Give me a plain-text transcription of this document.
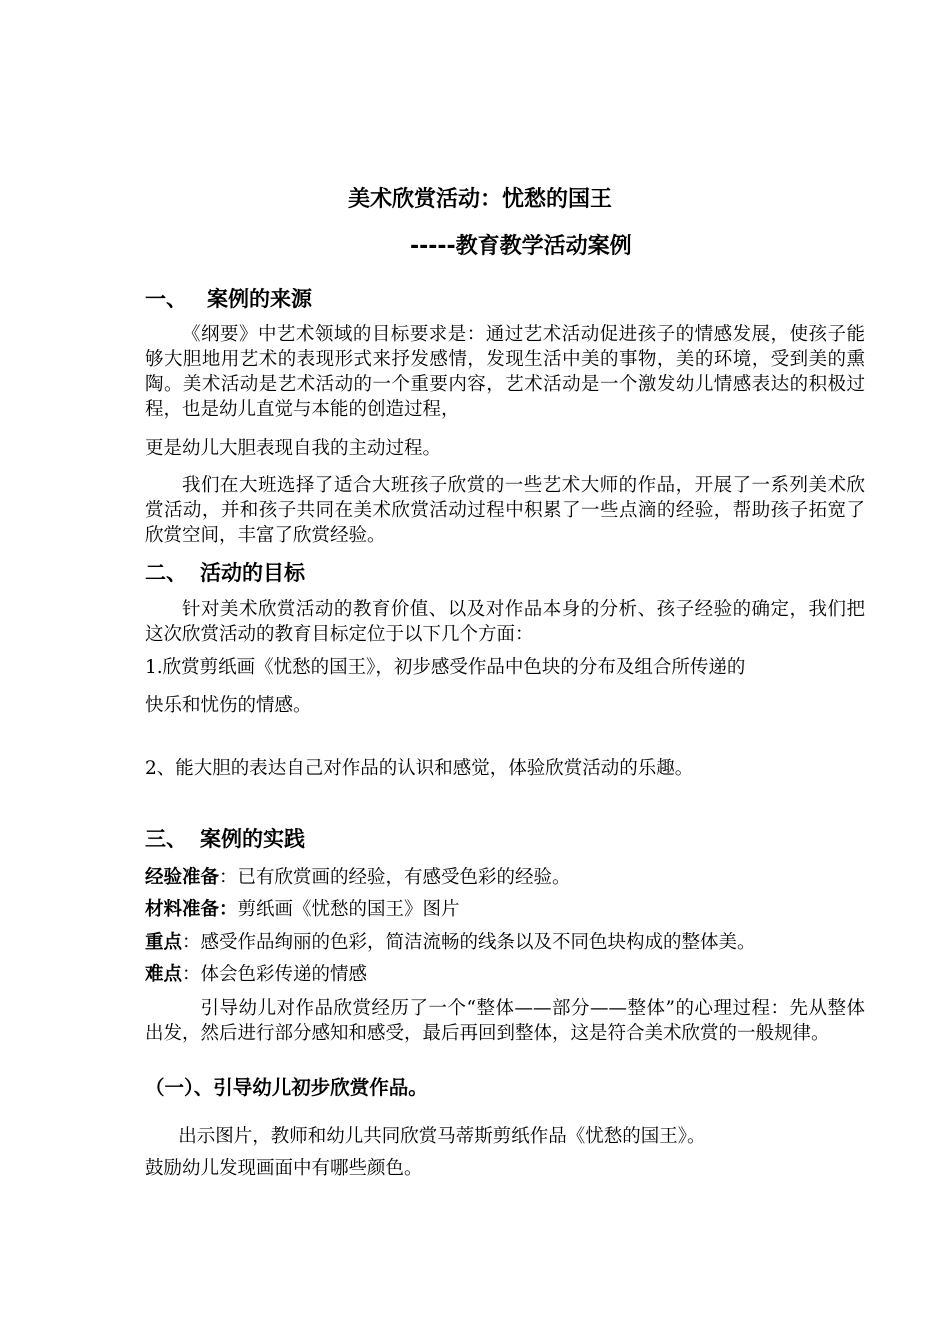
美术欣赏活动：忧愁的国王
-----教育教学活动案例
一、 案例的来源
《纲要》中艺术领域的目标要求是：通过艺术活动促进孩子的情感发展，使孩子能够大胆地用艺术的表现形式来抒发感情，发现生活中美的事物，美的环境，受到美的熏陶。美术活动是艺术活动的一个重要内容，艺术活动是一个激发幼儿情感表达的积极过程，也是幼儿直觉与本能的创造过程，
更是幼儿大胆表现自我的主动过程。
我们在大班选择了适合大班孩子欣赏的一些艺术大师的作品，开展了一系列美术欣赏活动，并和孩子共同在美术欣赏活动过程中积累了一些点滴的经验，帮助孩子拓宽了欣赏空间，丰富了欣赏经验。
二、 活动的目标
针对美术欣赏活动的教育价值、以及对作品本身的分析、孩子经验的确定，我们把这次欣赏活动的教育目标定位于以下几个方面：
1.欣赏剪纸画《忧愁的国王》，初步感受作品中色块的分布及组合所传递的
快乐和忧伤的情感。
2、能大胆的表达自己对作品的认识和感觉，体验欣赏活动的乐趣。
三、 案例的实践
经验准备：已有欣赏画的经验，有感受色彩的经验。
材料准备：剪纸画《忧愁的国王》图片
重点：感受作品绚丽的色彩，简洁流畅的线条以及不同色块构成的整体美。
难点：体会色彩传递的情感
引导幼儿对作品欣赏经历了一个“整体——部分——整体”的心理过程：先从整体出发，然后进行部分感知和感受，最后再回到整体，这是符合美术欣赏的一般规律。
（一）、引导幼儿初步欣赏作品。
出示图片，教师和幼儿共同欣赏马蒂斯剪纸作品《忧愁的国王》。
鼓励幼儿发现画面中有哪些颜色。
